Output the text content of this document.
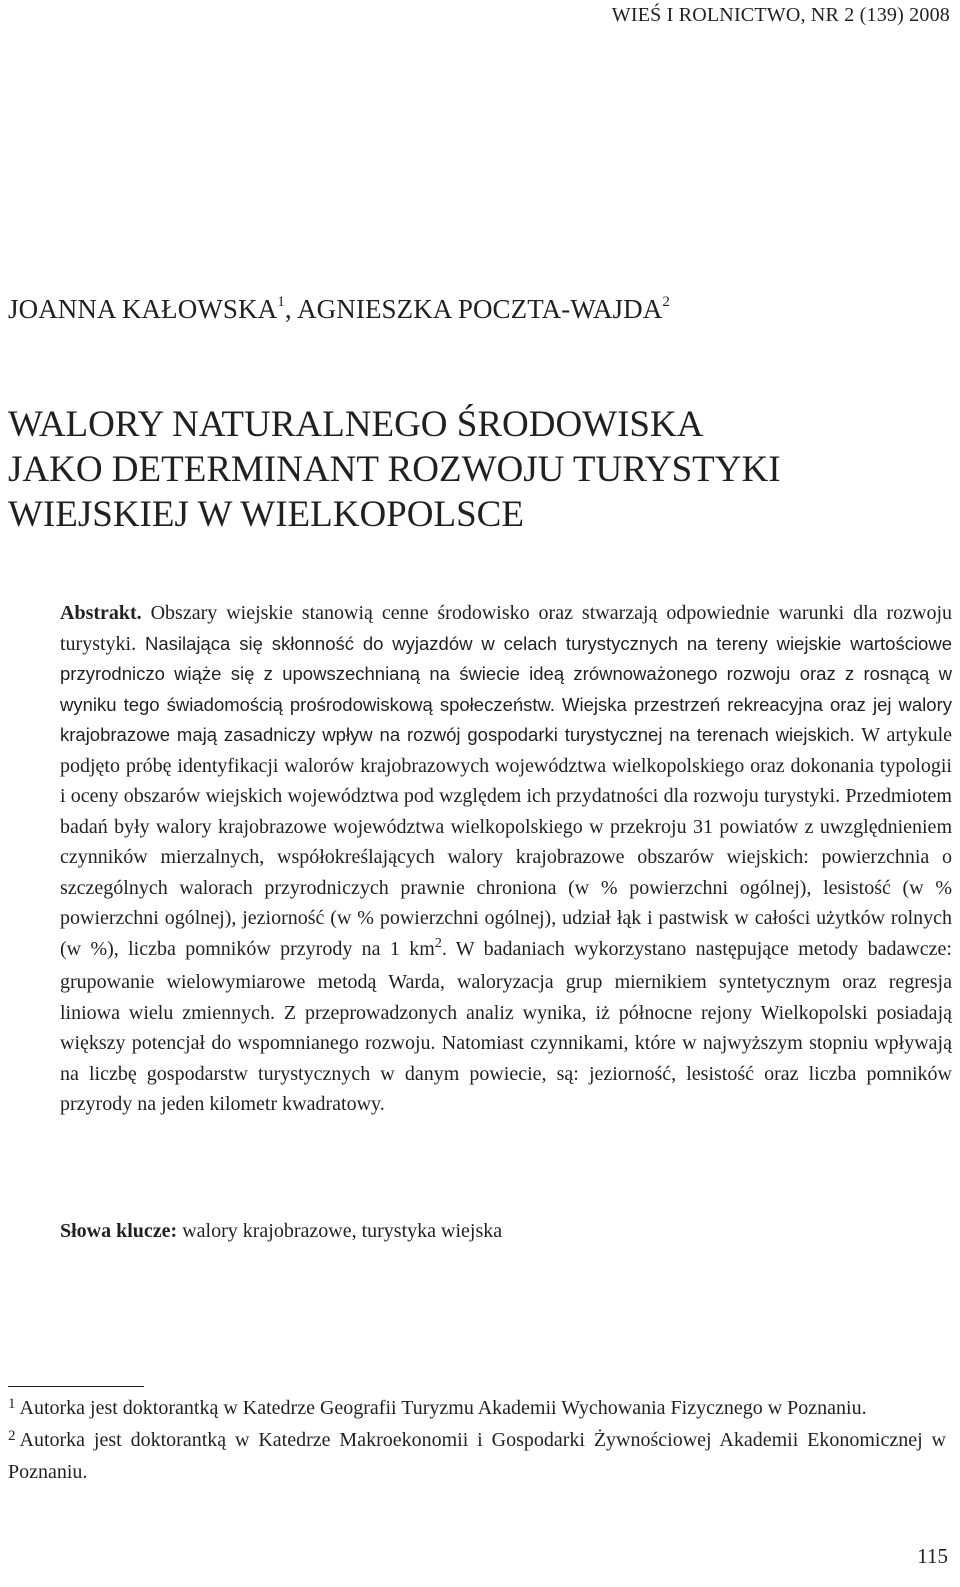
WIEŚ I ROLNICTWO, NR 2 (139) 2008
JOANNA KAŁOWSKA$^1$, AGNIESZKA POCZTA-WAJDA$^2$
WALORY NATURALNEGO ŚRODOWISKA
JAKO DETERMINANT ROZWOJU TURYSTYKI
WIEJSKIEJ W WIELKOPOLSCE

Abstrakt. Obszary wiejskie stanowią cenne środowisko oraz stwarzają odpowiednie warunki dla rozwoju turystyki. Nasilająca się skłonność do wyjazdów w celach turystycznych na tereny wiejskie wartościowe przyrodniczo wiąże się z upowszechnianą na świecie ideą zrównoważonego rozwoju oraz z rosnącą w wyniku tego świadomością prośrodowiskową społeczeństw. Wiejska przestrzeń rekreacyjna oraz jej walory krajobrazowe mają zasadniczy wpływ na rozwój gospodarki turystycznej na terenach wiejskich. W artykule podjęto próbę identyfikacji walorów krajobrazowych województwa wielkopolskiego oraz dokonania typologii i oceny obszarów wiejskich województwa pod względem ich przydatności dla rozwoju turystyki. Przedmiotem badań były walory krajobrazowe województwa wielkopolskiego w przekroju 31 powiatów z uwzględnieniem czynników mierzalnych, współokreślających walory krajobrazowe obszarów wiejskich: powierzchnia o szczególnych walorach przyrodniczych prawnie chroniona (w % powierzchni ogólnej), lesistość (w % powierzchni ogólnej), jeziorność (w % powierzchni ogólnej), udział łąk i pastwisk w całości użytków rolnych (w %), liczba pomników przyrody na 1 $km^2$. W badaniach wykorzystano następujące metody badawcze: grupowanie wielowymiarowe metodą Warda, waloryzacja grup miernikiem syntetycznym oraz regresja liniowa wielu zmiennych. Z przeprowadzonych analiz wynika, iż północne rejony Wielkopolski posiadają większy potencjał do wspomnianego rozwoju. Natomiast czynnikami, które w najwyższym stopniu wpływają na liczbę gospodarstw turystycznych w danym powiecie, są: jeziorność, lesistość oraz liczba pomników przyrody na jeden kilometr kwadratowy.

Słowa klucze: walory krajobrazowe, turystyka wiejska

$^1$ Autorka jest doktorantką w Katedrze Geografii Turyzmu Akademii Wychowania Fizycznego w Poznaniu.

$^2$ Autorka jest doktorantką w Katedrze Makroekonomii i Gospodarki Żywnościowej Akademii Ekonomicznej w Poznaniu.

115
